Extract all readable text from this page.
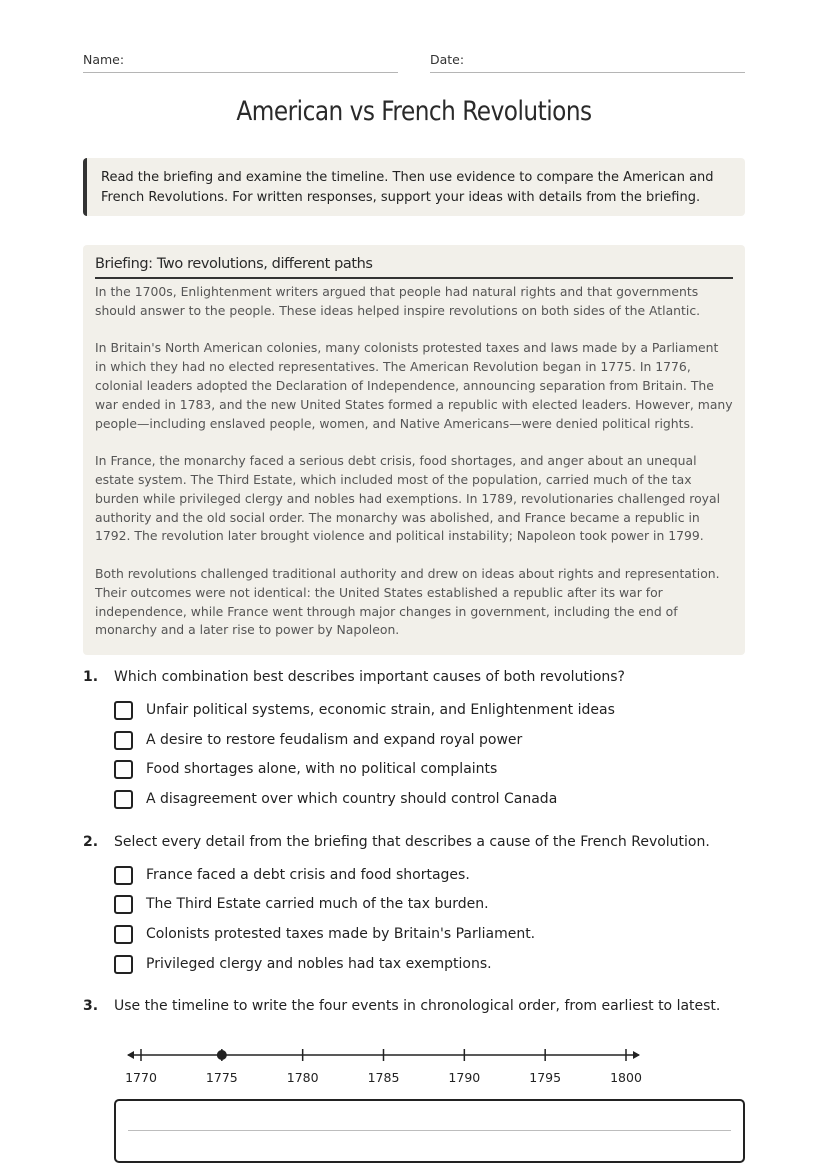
Name:	Date:
American vs French Revolutions
Read the briefing and examine the timeline. Then use evidence to compare the American and French Revolutions. For written responses, support your ideas with details from the briefing.
Briefing: Two revolutions, different paths
In the 1700s, Enlightenment writers argued that people had natural rights and that governments should answer to the people. These ideas helped inspire revolutions on both sides of the Atlantic.
In Britain's North American colonies, many colonists protested taxes and laws made by a Parliament in which they had no elected representatives. The American Revolution began in 1775. In 1776, colonial leaders adopted the Declaration of Independence, announcing separation from Britain. The war ended in 1783, and the new United States formed a republic with elected leaders. However, many people—including enslaved people, women, and Native Americans—were denied political rights.
In France, the monarchy faced a serious debt crisis, food shortages, and anger about an unequal estate system. The Third Estate, which included most of the population, carried much of the tax burden while privileged clergy and nobles had exemptions. In 1789, revolutionaries challenged royal authority and the old social order. The monarchy was abolished, and France became a republic in 1792. The revolution later brought violence and political instability; Napoleon took power in 1799.
Both revolutions challenged traditional authority and drew on ideas about rights and representation. Their outcomes were not identical: the United States established a republic after its war for independence, while France went through major changes in government, including the end of monarchy and a later rise to power by Napoleon.
1. Which combination best describes important causes of both revolutions?
Unfair political systems, economic strain, and Enlightenment ideas
A desire to restore feudalism and expand royal power
Food shortages alone, with no political complaints
A disagreement over which country should control Canada
2. Select every detail from the briefing that describes a cause of the French Revolution.
France faced a debt crisis and food shortages.
The Third Estate carried much of the tax burden.
Colonists protested taxes made by Britain's Parliament.
Privileged clergy and nobles had tax exemptions.
3. Use the timeline to write the four events in chronological order, from earliest to latest.
1770	1775	1780	1785	1790	1795	1800
